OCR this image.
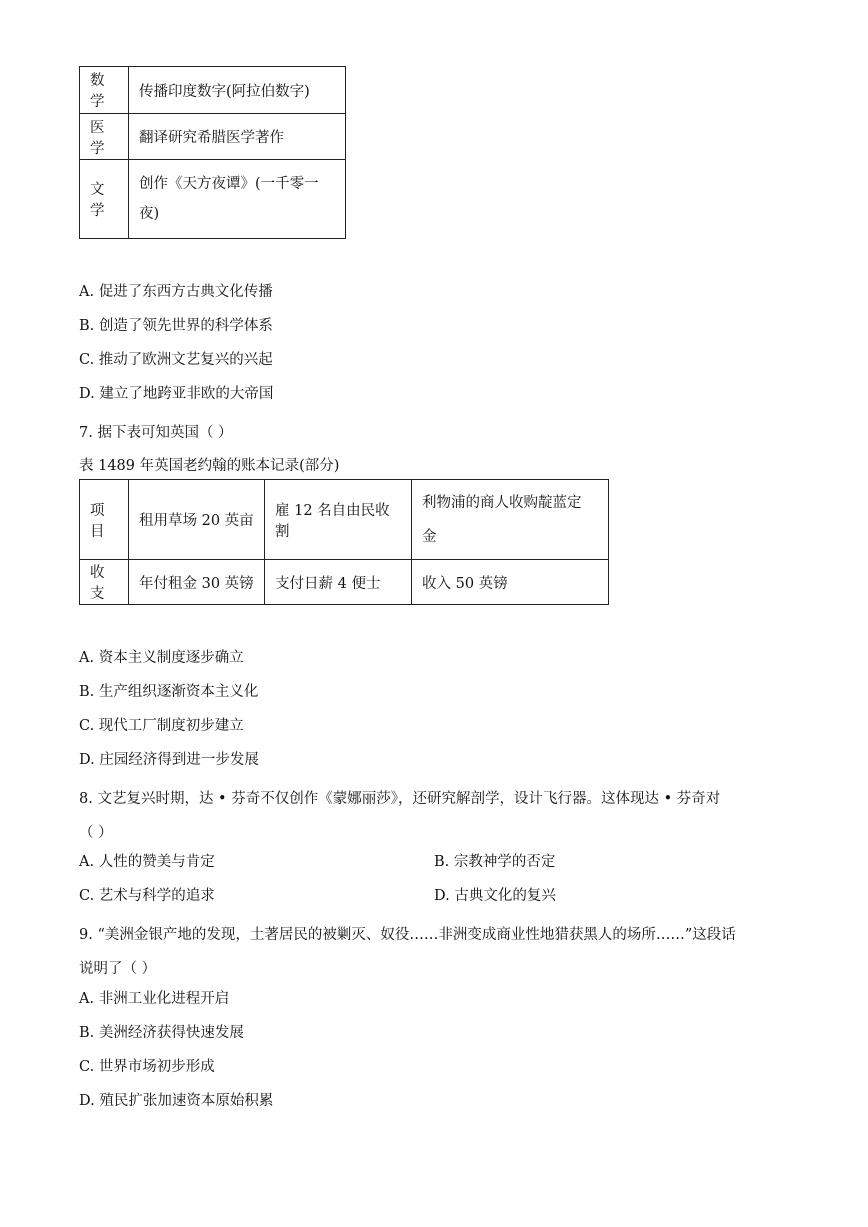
数学	传播印度数字(阿拉伯数字)
医学	翻译研究希腊医学著作
文学	创作《天方夜谭》(一千零一
夜)
A. 促进了东西方古典文化传播
B. 创造了领先世界的科学体系
C. 推动了欧洲文艺复兴的兴起
D. 建立了地跨亚非欧的大帝国
7. 据下表可知英国（ ）
表 1489 年英国老约翰的账本记录(部分)
项目	租用草场 20 英亩	雇 12 名自由民收割	利物浦的商人收购靛蓝定
金

收支	年付租金 30 英镑	支付日薪 4 便士	收入 50 英镑
A. 资本主义制度逐步确立
B. 生产组织逐渐资本主义化
C. 现代工厂制度初步建立
D. 庄园经济得到进一步发展
8. 文艺复兴时期，达 • 芬奇不仅创作《蒙娜丽莎》，还研究解剖学，设计飞行器。这体现达 • 芬奇对
（ ）
A. 人性的赞美与肯定	B. 宗教神学的否定
C. 艺术与科学的追求	D. 古典文化的复兴
9. “美洲金银产地的发现，土著居民的被剿灭、奴役……非洲变成商业性地猎获黑人的场所……”这段话
说明了（ ）
A. 非洲工业化进程开启
B. 美洲经济获得快速发展
C. 世界市场初步形成
D. 殖民扩张加速资本原始积累
